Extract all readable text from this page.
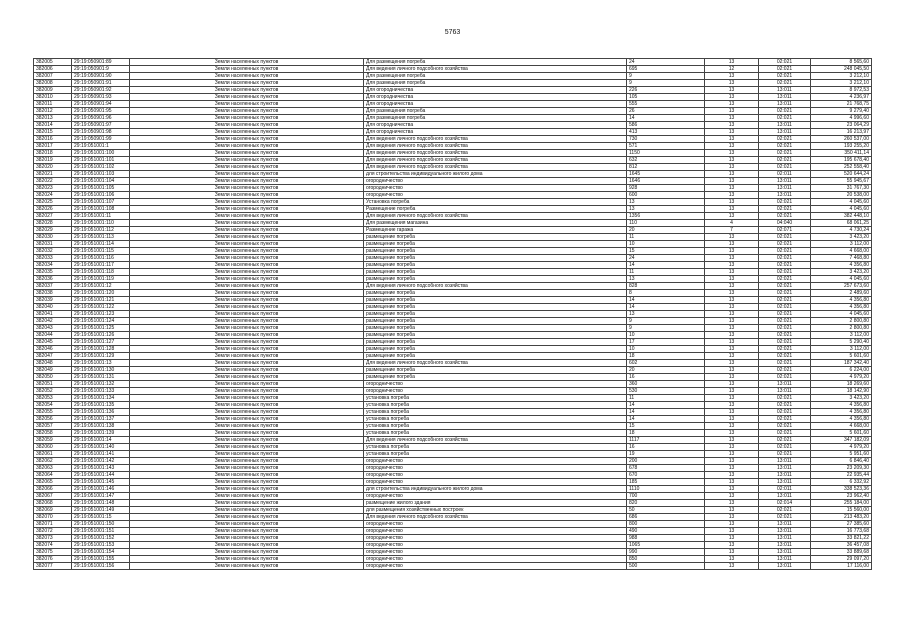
5763
382005	29:19:050901:89	Земли населенных пунктов	Для размещения погреба	24	13	02:021	8 565,60
382006	29:19:050901:9	Земли населенных пунктов	Для ведения личного подсобного хозяйства	695	12	02:021	248 045,50
382007	29:19:050901:90	Земли населенных пунктов	Для размещения погреба	9	13	02:021	3 212,10
382008	29:19:050901:91	Земли населенных пунктов	Для размещения погреба	9	13	02:021	3 212,10
382009	29:19:050901:92	Земли населенных пунктов	Для огородничества	226	13	13:011	8 972,53
382010	29:19:050901:93	Земли населенных пунктов	Для огородничества	105	13	13:011	4 236,97
382011	29:19:050901:94	Земли населенных пунктов	Для огородничества	555	13	13:011	21 768,75
382012	29:19:050901:95	Земли населенных пунктов	Для размещения погреба	26	13	02:021	9 279,40
382013	29:19:050901:96	Земли населенных пунктов	Для размещения погреба	14	13	02:021	4 996,60
382014	29:19:050901:97	Земли населенных пунктов	Для огородничества	586	13	13:011	23 064,29
382015	29:19:050901:98	Земли населенных пунктов	Для огородничества	413	13	13:011	16 213,97
382016	29:19:050901:99	Земли населенных пунктов	Для ведения личного подсобного хозяйства	730	13	02:021	260 537,00
382017	29:19:051001:1	Земли населенных пунктов	Для ведения личного подсобного хозяйства	571	13	02:021	193 255,20
382018	29:19:051001:100	Земли населенных пунктов	Для ведения личного подсобного хозяйства	1150	13	02:021	350 411,14
382019	29:19:051001:101	Земли населенных пунктов	Для ведения личного подсобного хозяйства	632	13	02:021	195 678,40
382020	29:19:051001:102	Земли населенных пунктов	Для ведения личного подсобного хозяйства	812	13	02:021	252 558,40
382021	29:19:051001:103	Земли населенных пунктов	для строительства индивидуального жилого дома	1645	13	02:011	520 644,24
382022	29:19:051001:104	Земли населенных пунктов	огородничество	1646	13	13:011	55 945,67
382023	29:19:051001:105	Земли населенных пунктов	огородничество	928	13	13:011	31 767,30
382024	29:19:051001:106	Земли населенных пунктов	огородничество	600	13	13:011	20 538,00
382025	29:19:051001:107	Земли населенных пунктов	Установка погреба	13	13	02:021	4 045,60
382026	29:19:051001:108	Земли населенных пунктов	Размещение погреба	13	13	02:021	4 045,60
382027	29:19:051001:11	Земли населенных пунктов	Для ведения личного подсобного хозяйства	1356	13	02:021	382 448,10
382028	29:19:051001:110	Земли населенных пунктов	Для размещения магазина	110	4	04:040	68 061,25
382029	29:19:051001:112	Земли населенных пунктов	Размещение гаража	20	7	02:071	4 730,24
382030	29:19:051001:113	Земли населенных пунктов	размещение погреба	11	13	02:021	3 423,20
382031	29:19:051001:114	Земли населенных пунктов	размещение погреба	10	13	02:021	3 112,00
382032	29:19:051001:115	Земли населенных пунктов	размещение погреба	15	13	02:021	4 668,00
382033	29:19:051001:116	Земли населенных пунктов	размещение погреба	24	13	02:021	7 468,80
382034	29:19:051001:117	Земли населенных пунктов	размещение погреба	14	13	02:021	4 356,80
382035	29:19:051001:118	Земли населенных пунктов	размещение погреба	11	13	02:021	3 423,20
382036	29:19:051001:119	Земли населенных пунктов	размещение погреба	13	13	02:021	4 045,60
382037	29:19:051001:12	Земли населенных пунктов	Для ведения личного подсобного хозяйства	828	13	02:021	257 673,60
382038	29:19:051001:120	Земли населенных пунктов	размещение погреба	8	13	02:021	2 489,60
382039	29:19:051001:121	Земли населенных пунктов	размещение погреба	14	13	02:021	4 356,80
382040	29:19:051001:122	Земли населенных пунктов	размещение погреба	14	13	02:021	4 356,80
382041	29:19:051001:123	Земли населенных пунктов	размещение погреба	13	13	02:021	4 045,60
382042	29:19:051001:124	Земли населенных пунктов	размещение погреба	9	13	02:021	2 800,80
382043	29:19:051001:125	Земли населенных пунктов	размещение погреба	9	13	02:021	2 800,80
382044	29:19:051001:126	Земли населенных пунктов	размещение погреба	10	13	02:021	3 112,00
382045	29:19:051001:127	Земли населенных пунктов	размещение погреба	17	13	02:021	5 290,40
382046	29:19:051001:128	Земли населенных пунктов	размещение погреба	10	13	02:021	3 112,00
382047	29:19:051001:129	Земли населенных пунктов	размещение погреба	18	13	02:021	5 601,60
382048	29:19:051001:13	Земли населенных пунктов	Для ведения личного подсобного хозяйства	602	13	02:021	187 342,40
382049	29:19:051001:130	Земли населенных пунктов	размещение погреба	20	13	02:021	6 224,00
382050	29:19:051001:131	Земли населенных пунктов	размещение погреба	16	13	02:021	4 979,20
382051	29:19:051001:132	Земли населенных пунктов	огородничество	360	13	13:011	18 269,60
382052	29:19:051001:133	Земли населенных пунктов	огородничество	530	13	13:011	18 142,90
382053	29:19:051001:134	Земли населенных пунктов	установка погреба	11	13	02:021	3 423,20
382054	29:19:051001:135	Земли населенных пунктов	установка погреба	14	13	02:021	4 356,80
382055	29:19:051001:136	Земли населенных пунктов	установка погреба	14	13	02:021	4 356,80
382056	29:19:051001:137	Земли населенных пунктов	установка погреба	14	13	02:021	4 356,80
382057	29:19:051001:138	Земли населенных пунктов	установка погреба	15	13	02:021	4 668,00
382058	29:19:051001:139	Земли населенных пунктов	установка погреба	18	13	02:021	5 601,60
382059	29:19:051001:14	Земли населенных пунктов	Для ведения личного подсобного хозяйства	1117	13	02:021	347 182,09
382060	29:19:051001:140	Земли населенных пунктов	установка погреба	16	13	02:021	4 979,20
382061	29:19:051001:141	Земли населенных пунктов	установка погреба	19	13	02:021	5 951,60
382062	29:19:051001:142	Земли населенных пунктов	огородничество	200	13	13:011	6 846,40
382063	29:19:051001:143	Земли населенных пунктов	огородничество	678	13	13:011	23 209,30
382064	29:19:051001:144	Земли населенных пунктов	огородничество	670	13	13:011	22 935,44
382065	29:19:051001:145	Земли населенных пунктов	огородничество	185	13	13:011	6 332,92
382066	29:19:051001:146	Земли населенных пунктов	для строительства индивидуального жилого дома	1110	13	02:011	338 523,36
382067	29:19:051001:147	Земли населенных пунктов	огородничество	700	13	13:011	23 962,40
382068	29:19:051001:148	Земли населенных пунктов	размещение жилого здания	820	13	02:014	255 184,00
382069	29:19:051001:149	Земли населенных пунктов	для размещения хозяйственных построек	50	13	02:021	15 560,00
382070	29:19:051001:15	Земли населенных пунктов	Для ведения личного подсобного хозяйства	686	13	02:021	213 483,20
382071	29:19:051001:150	Земли населенных пунктов	огородничество	800	13	13:011	27 385,60
382072	29:19:051001:151	Земли населенных пунктов	огородничество	490	13	13:011	16 773,68
382073	29:19:051001:152	Земли населенных пунктов	огородничество	988	13	13:011	33 821,22
382074	29:19:051001:153	Земли населенных пунктов	огородничество	1065	13	13:011	36 457,08
382075	29:19:051001:154	Земли населенных пунктов	огородничество	990	13	13:011	33 889,68
382076	29:19:051001:155	Земли населенных пунктов	огородничество	850	13	13:011	29 097,20
382077	29:19:051001:156	Земли населенных пунктов	огородничество	500	13	13:011	17 116,00
